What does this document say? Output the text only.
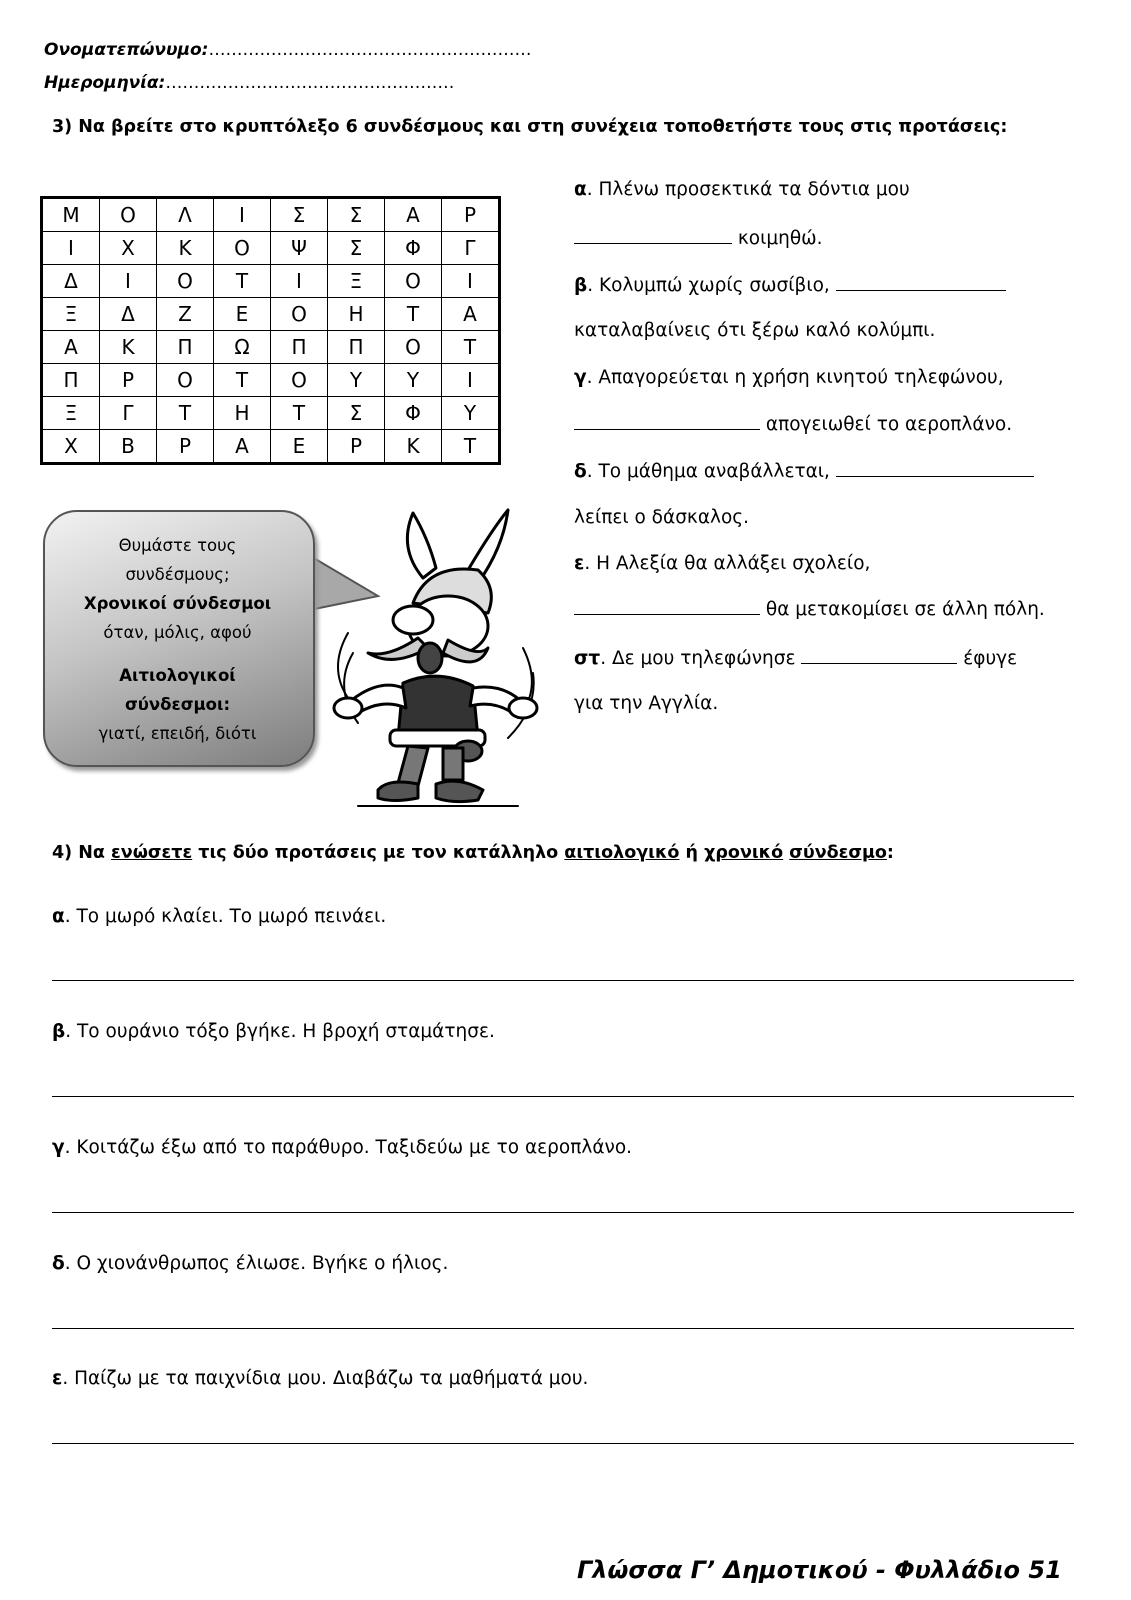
Ονοματεπώνυμο:…………………………………………………
Ημερομηνία:……………………………………………
3) Να βρείτε στο κρυπτόλεξο 6 συνδέσμους και στη συνέχεια τοποθετήστε τους στις προτάσεις:
Μ	Ο	Λ	Ι	Σ	Σ	Α	Ρ
Ι	Χ	Κ	Ο	Ψ	Σ	Φ	Γ
Δ	Ι	Ο	Τ	Ι	Ξ	Ο	Ι
Ξ	Δ	Ζ	Ε	Ο	Η	Τ	Α
Α	Κ	Π	Ω	Π	Π	Ο	Τ
Π	Ρ	Ο	Τ	Ο	Υ	Υ	Ι
Ξ	Γ	Τ	Η	Τ	Σ	Φ	Υ
Χ	Β	Ρ	Α	Ε	Ρ	Κ	Τ
α. Πλένω προσεκτικά τα δόντια μου
κοιμηθώ.
β. Κολυμπώ χωρίς σωσίβιο,
καταλαβαίνεις ότι ξέρω καλό κολύμπι.
γ. Απαγορεύεται η χρήση κινητού τηλεφώνου,
απογειωθεί το αεροπλάνο.
δ. Το μάθημα αναβάλλεται,
λείπει ο δάσκαλος.
ε. Η Αλεξία θα αλλάξει σχολείο,
θα μετακομίσει σε άλλη πόλη.
στ. Δε μου τηλεφώνησε	έφυγε
για την Αγγλία.
Θυμάστε τους
συνδέσμους;
Χρονικοί σύνδεσμοι
όταν, μόλις, αφού
Αιτιολογικοί
σύνδεσμοι:
γιατί, επειδή, διότι
4) Να ενώσετε τις δύο προτάσεις με τον κατάλληλο αιτιολογικό ή χρονικό σύνδεσμο:
α. Το μωρό κλαίει. Το μωρό πεινάει.
β. Το ουράνιο τόξο βγήκε. Η βροχή σταμάτησε.
γ. Κοιτάζω έξω από το παράθυρο. Ταξιδεύω με το αεροπλάνο.
δ. Ο χιονάνθρωπος έλιωσε. Βγήκε ο ήλιος.
ε. Παίζω με τα παιχνίδια μου. Διαβάζω τα μαθήματά μου.
Γλώσσα Γ’ Δημοτικού - Φυλλάδιο 51
